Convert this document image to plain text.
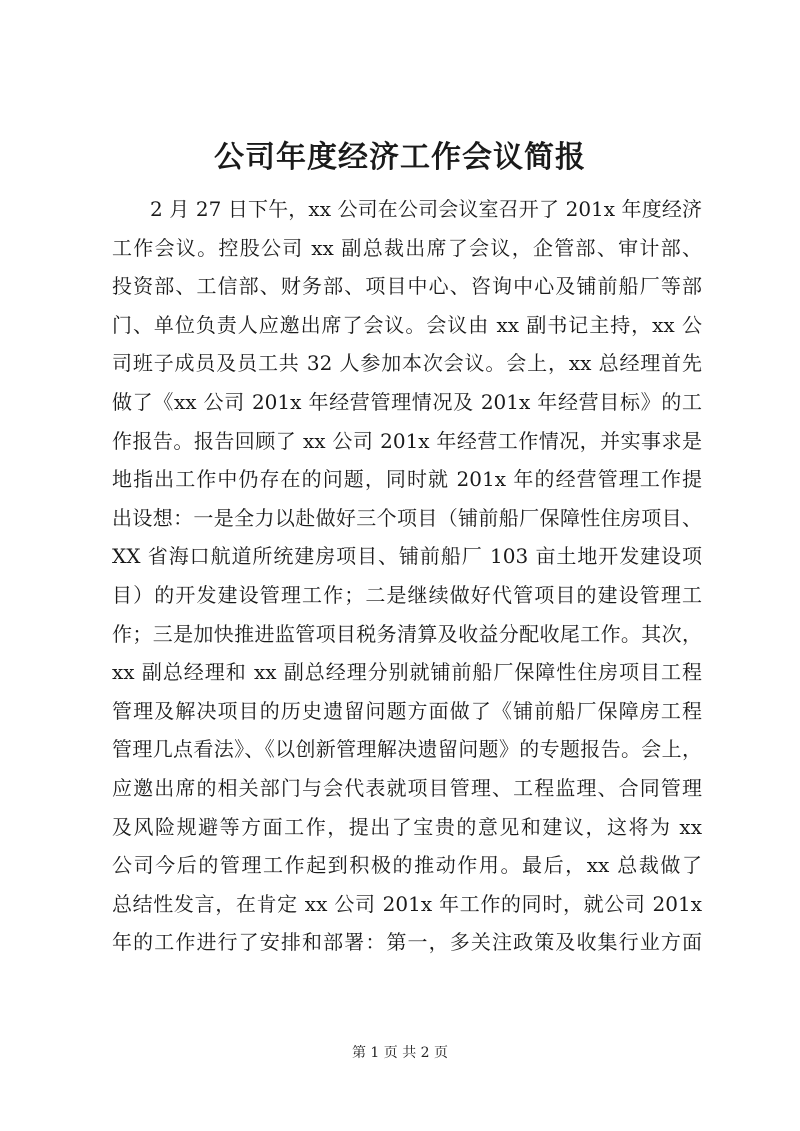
公司年度经济工作会议简报
2 月 27 日下午，xx 公司在公司会议室召开了 201x 年度经济
工作会议。控股公司 xx 副总裁出席了会议，企管部、审计部、
投资部、工信部、财务部、项目中心、咨询中心及铺前船厂等部
门、单位负责人应邀出席了会议。会议由 xx 副书记主持，xx 公
司班子成员及员工共 32 人参加本次会议。会上，xx 总经理首先
做了《xx 公司 201x 年经营管理情况及 201x 年经营目标》的工
作报告。报告回顾了 xx 公司 201x 年经营工作情况，并实事求是
地指出工作中仍存在的问题，同时就 201x 年的经营管理工作提
出设想：一是全力以赴做好三个项目（铺前船厂保障性住房项目、
XX 省海口航道所统建房项目、铺前船厂 103 亩土地开发建设项
目）的开发建设管理工作；二是继续做好代管项目的建设管理工
作；三是加快推进监管项目税务清算及收益分配收尾工作。其次，
xx 副总经理和 xx 副总经理分别就铺前船厂保障性住房项目工程
管理及解决项目的历史遗留问题方面做了《铺前船厂保障房工程
管理几点看法》、《以创新管理解决遗留问题》的专题报告。会上，
应邀出席的相关部门与会代表就项目管理、工程监理、合同管理
及风险规避等方面工作，提出了宝贵的意见和建议，这将为 xx
公司今后的管理工作起到积极的推动作用。最后，xx 总裁做了
总结性发言，在肯定 xx 公司 201x 年工作的同时，就公司 201x
年的工作进行了安排和部署：第一，多关注政策及收集行业方面
第 1 页 共 2 页
